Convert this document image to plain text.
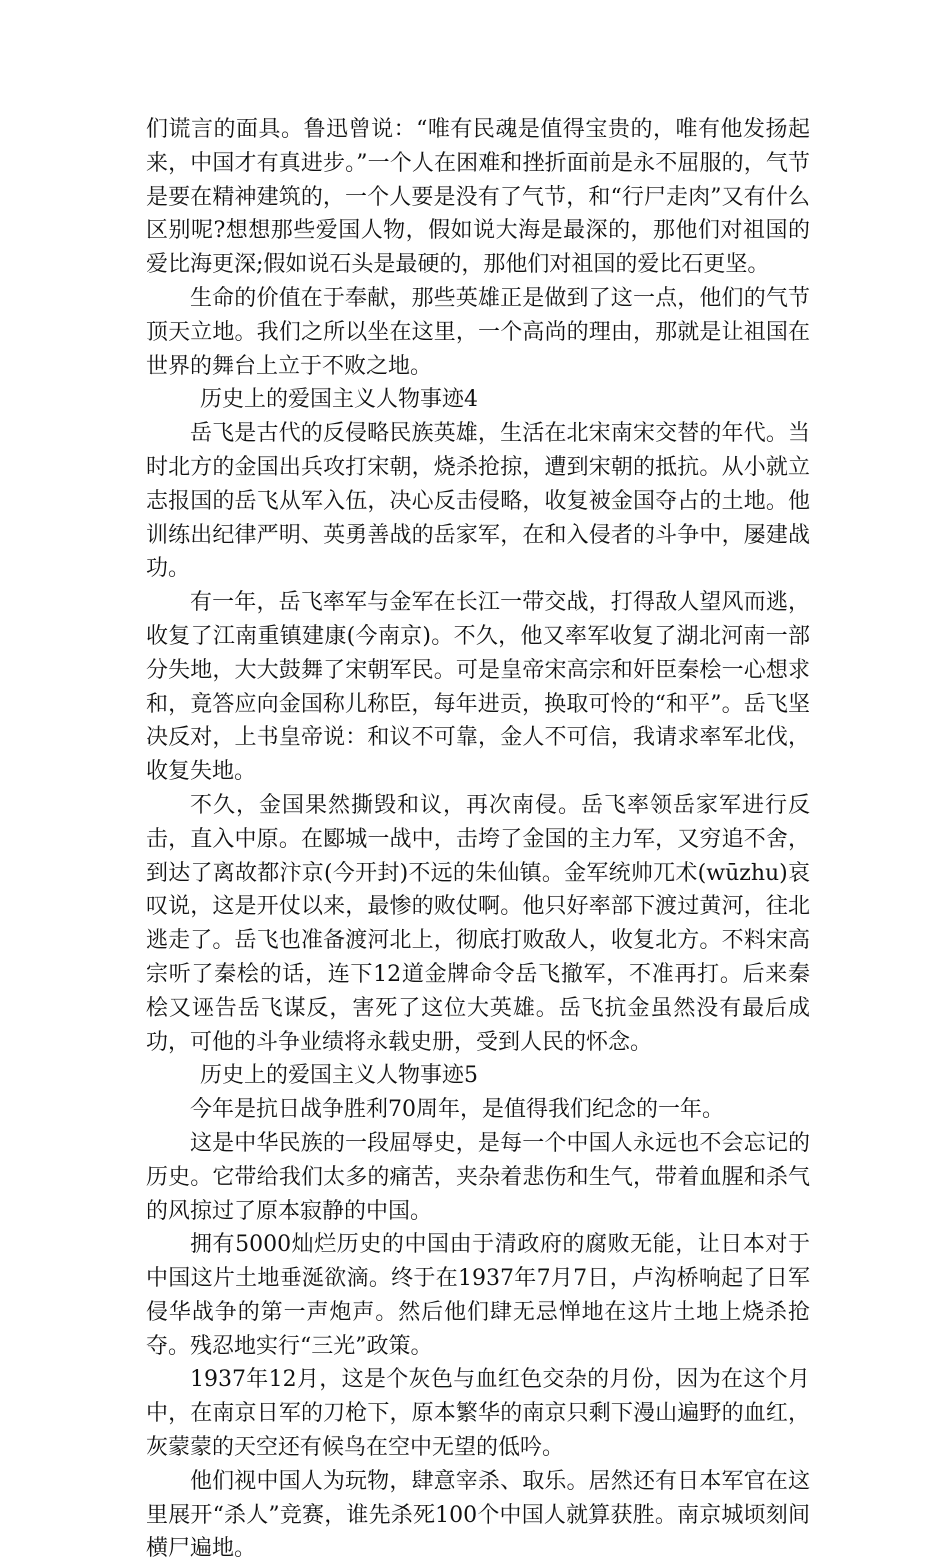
们谎言的面具。鲁迅曾说：“唯有民魂是值得宝贵的，唯有他发扬起来，中国才有真进步。”一个人在困难和挫折面前是永不屈服的，气节是要在精神建筑的，一个人要是没有了气节，和“行尸走肉”又有什么区别呢?想想那些爱国人物，假如说大海是最深的，那他们对祖国的爱比海更深;假如说石头是最硬的，那他们对祖国的爱比石更坚。

生命的价值在于奉献，那些英雄正是做到了这一点，他们的气节顶天立地。我们之所以坐在这里，一个高尚的理由，那就是让祖国在世界的舞台上立于不败之地。

历史上的爱国主义人物事迹4

岳飞是古代的反侵略民族英雄，生活在北宋南宋交替的年代。当时北方的金国出兵攻打宋朝，烧杀抢掠，遭到宋朝的抵抗。从小就立志报国的岳飞从军入伍，决心反击侵略，收复被金国夺占的土地。他训练出纪律严明、英勇善战的岳家军，在和入侵者的斗争中，屡建战功。

有一年，岳飞率军与金军在长江一带交战，打得敌人望风而逃，收复了江南重镇建康(今南京)。不久，他又率军收复了湖北河南一部分失地，大大鼓舞了宋朝军民。可是皇帝宋高宗和奸臣秦桧一心想求和，竟答应向金国称儿称臣，每年进贡，换取可怜的“和平”。岳飞坚决反对，上书皇帝说：和议不可靠，金人不可信，我请求率军北伐，收复失地。

不久，金国果然撕毁和议，再次南侵。岳飞率领岳家军进行反击，直入中原。在郾城一战中，击垮了金国的主力军，又穷追不舍，到达了离故都汴京(今开封)不远的朱仙镇。金军统帅兀术(wūzhu)哀叹说，这是开仗以来，最惨的败仗啊。他只好率部下渡过黄河，往北逃走了。岳飞也准备渡河北上，彻底打败敌人，收复北方。不料宋高宗听了秦桧的话，连下12道金牌命令岳飞撤军，不准再打。后来秦桧又诬告岳飞谋反，害死了这位大英雄。岳飞抗金虽然没有最后成功，可他的斗争业绩将永载史册，受到人民的怀念。

历史上的爱国主义人物事迹5

今年是抗日战争胜利70周年，是值得我们纪念的一年。

这是中华民族的一段屈辱史，是每一个中国人永远也不会忘记的历史。它带给我们太多的痛苦，夹杂着悲伤和生气，带着血腥和杀气的风掠过了原本寂静的中国。

拥有5000灿烂历史的中国由于清政府的腐败无能，让日本对于中国这片土地垂涎欲滴。终于在1937年7月7日，卢沟桥响起了日军侵华战争的第一声炮声。然后他们肆无忌惮地在这片土地上烧杀抢夺。残忍地实行“三光”政策。

1937年12月，这是个灰色与血红色交杂的月份，因为在这个月中，在南京日军的刀枪下，原本繁华的南京只剩下漫山遍野的血红，灰蒙蒙的天空还有候鸟在空中无望的低吟。

他们视中国人为玩物，肆意宰杀、取乐。居然还有日本军官在这里展开“杀人”竞赛，谁先杀死100个中国人就算获胜。南京城顷刻间横尸遍地。
